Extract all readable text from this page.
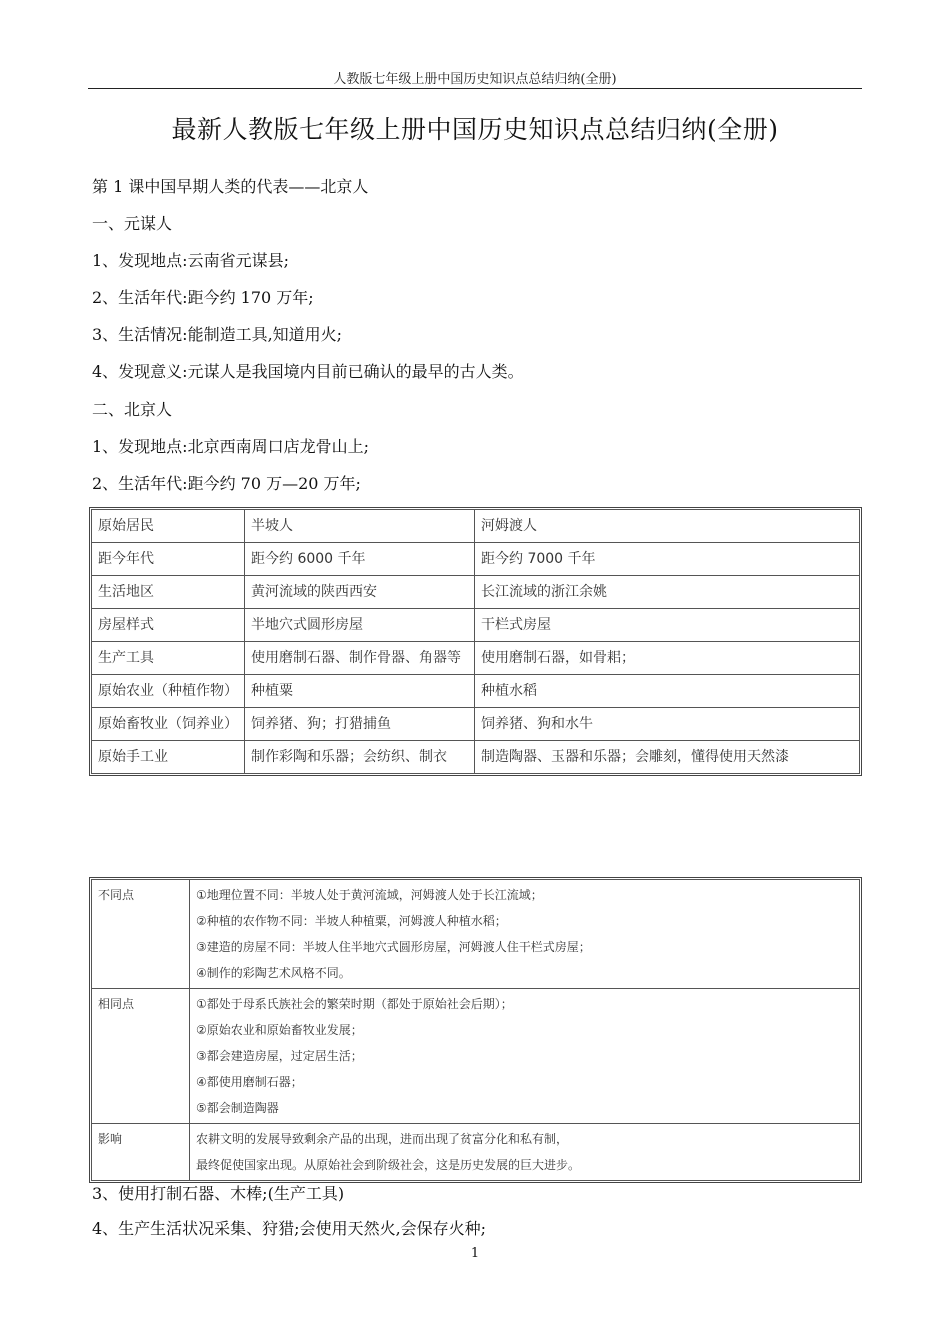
人教版七年级上册中国历史知识点总结归纳(全册)
最新人教版七年级上册中国历史知识点总结归纳(全册)
第 1 课中国早期人类的代表——北京人
一、元谋人
1、发现地点:云南省元谋县;
2、生活年代:距今约 170 万年;
3、生活情况:能制造工具,知道用火;
4、发现意义:元谋人是我国境内目前已确认的最早的古人类。
二、北京人
1、发现地点:北京西南周口店龙骨山上;
2、生活年代:距今约 70 万—20 万年;
原始居民	半坡人	河姆渡人
距今年代	距今约 6000 千年	距今约 7000 千年
生活地区	黄河流域的陕西西安	长江流域的浙江余姚
房屋样式	半地穴式圆形房屋	干栏式房屋
生产工具	使用磨制石器、制作骨器、角器等	使用磨制石器，如骨耜；
原始农业（种植作物）	种植粟	种植水稻
原始畜牧业（饲养业）	饲养猪、狗；打猎捕鱼	饲养猪、狗和水牛
原始手工业	制作彩陶和乐器；会纺织、制衣	制造陶器、玉器和乐器；会雕刻，懂得使用天然漆
不同点	①地理位置不同：半坡人处于黄河流域，河姆渡人处于长江流域；
②种植的农作物不同：半坡人种植粟，河姆渡人种植水稻；
③建造的房屋不同：半坡人住半地穴式圆形房屋，河姆渡人住干栏式房屋；
④制作的彩陶艺术风格不同。

相同点	①都处于母系氏族社会的繁荣时期（都处于原始社会后期）；
②原始农业和原始畜牧业发展；
③都会建造房屋，过定居生活；
④都使用磨制石器；
⑤都会制造陶器

影响	农耕文明的发展导致剩余产品的出现，进而出现了贫富分化和私有制，
最终促使国家出现。从原始社会到阶级社会，这是历史发展的巨大进步。
3、使用打制石器、木棒;(生产工具)
4、生产生活状况采集、狩猎;会使用天然火,会保存火种;
1
